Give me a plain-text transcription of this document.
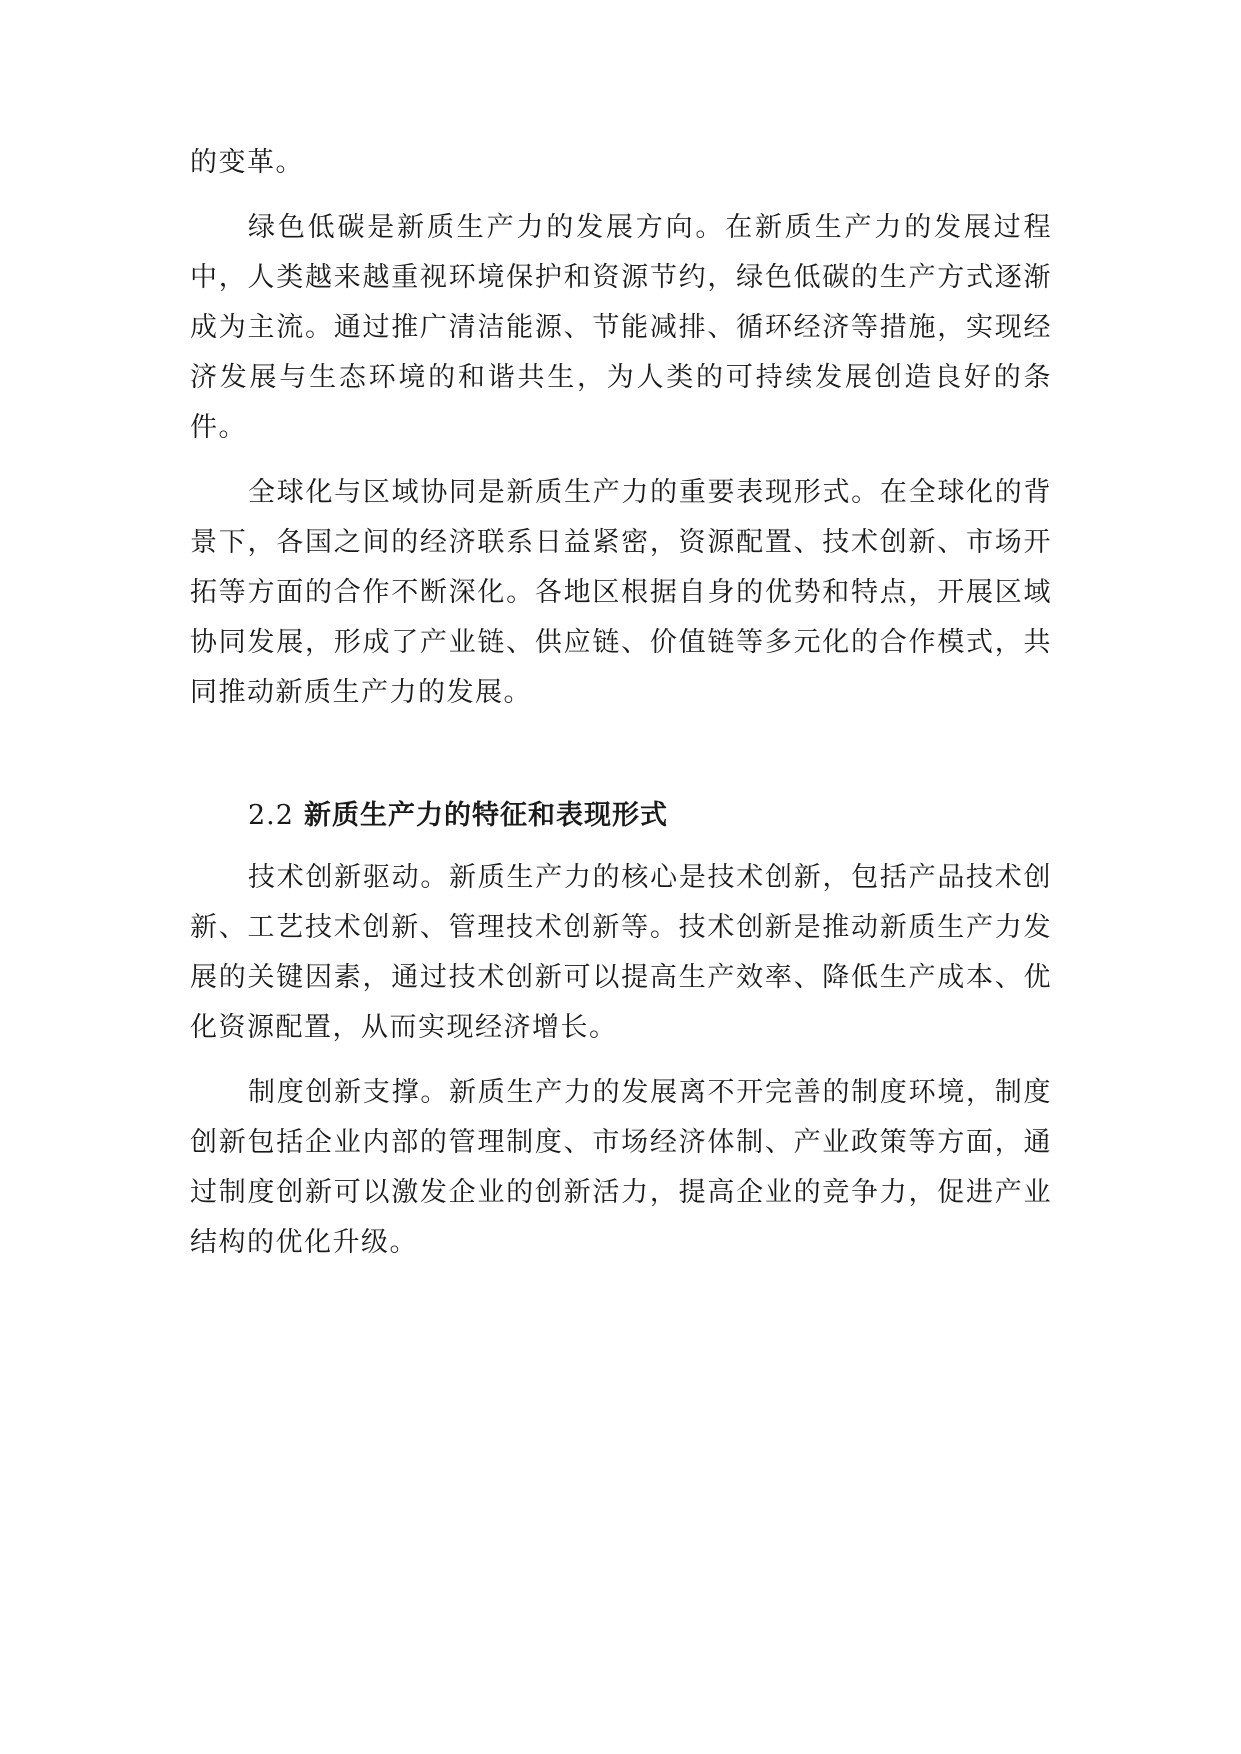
的变革。

绿色低碳是新质生产力的发展方向。在新质生产力的发展过程中，人类越来越重视环境保护和资源节约，绿色低碳的生产方式逐渐成为主流。通过推广清洁能源、节能减排、循环经济等措施，实现经济发展与生态环境的和谐共生，为人类的可持续发展创造良好的条件。

全球化与区域协同是新质生产力的重要表现形式。在全球化的背景下，各国之间的经济联系日益紧密，资源配置、技术创新、市场开拓等方面的合作不断深化。各地区根据自身的优势和特点，开展区域协同发展，形成了产业链、供应链、价值链等多元化的合作模式，共同推动新质生产力的发展。

2.2 新质生产力的特征和表现形式

技术创新驱动。新质生产力的核心是技术创新，包括产品技术创新、工艺技术创新、管理技术创新等。技术创新是推动新质生产力发展的关键因素，通过技术创新可以提高生产效率、降低生产成本、优化资源配置，从而实现经济增长。

制度创新支撑。新质生产力的发展离不开完善的制度环境，制度创新包括企业内部的管理制度、市场经济体制、产业政策等方面，通过制度创新可以激发企业的创新活力，提高企业的竞争力，促进产业结构的优化升级。
